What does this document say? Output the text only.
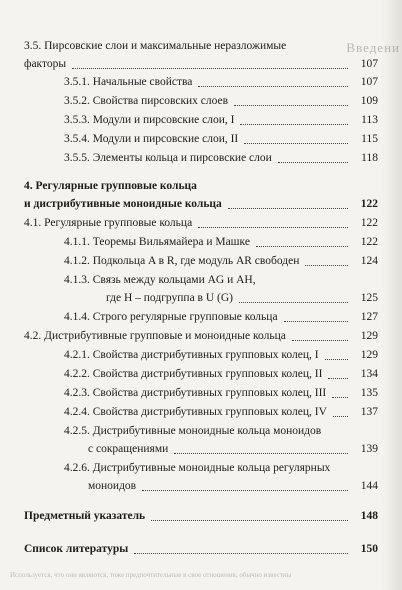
3.5. Пирсовские слои и максимальные неразложимые
факторы	107
3.5.1. Начальные свойства	107
3.5.2. Свойства пирсовских слоев	109
3.5.3. Модули и пирсовские слои, I	113
3.5.4. Модули и пирсовские слои, II	115
3.5.5. Элементы кольца и пирсовские слои	118
4. Регулярные групповые кольца
и дистрибутивные моноидные кольца	122
4.1. Регулярные групповые кольца	122
4.1.1. Теоремы Вильямайера и Машке	122
4.1.2. Подкольца A в R, где модуль AR свободен	124
4.1.3. Связь между кольцами AG и AH,
где H – подгруппа в U (G)	125
4.1.4. Строго регулярные групповые кольца	127
4.2. Дистрибутивные групповые и моноидные кольца	129
4.2.1. Свойства дистрибутивных групповых колец, I	129
4.2.2. Свойства дистрибутивных групповых колец, II	134
4.2.3. Свойства дистрибутивных групповых колец, III	135
4.2.4. Свойства дистрибутивных групповых колец, IV	137
4.2.5. Дистрибутивные моноидные кольца моноидов
с сокращениями	139
4.2.6. Дистрибутивные моноидные кольца регулярных
моноидов	144
Предметный указатель	148
Список литературы	150
Введени
Используется, что они являются, тоже предпочтительные в свое отношения, обычно известны
